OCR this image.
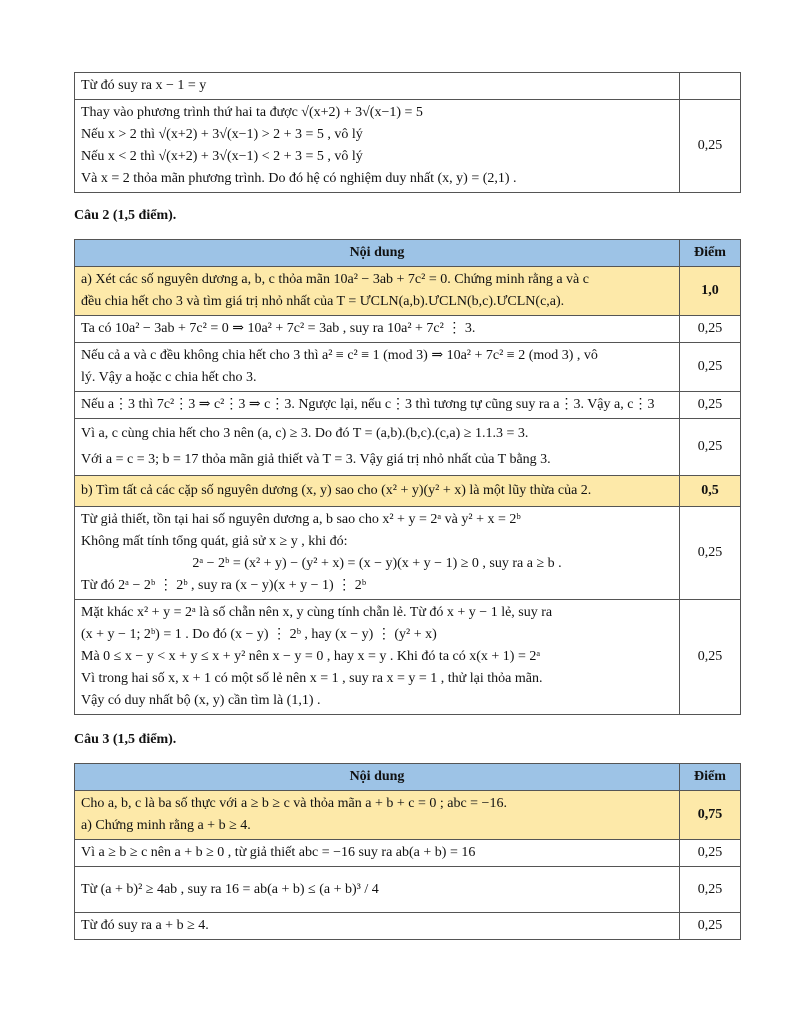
Từ đó suy ra x − 1 = y	

Thay vào phương trình thứ hai ta được √(x+2) + 3√(x−1) = 5
Nếu x > 2 thì √(x+2) + 3√(x−1) > 2 + 3 = 5 , vô lý
Nếu x < 2 thì √(x+2) + 3√(x−1) < 2 + 3 = 5 , vô lý
Và x = 2 thỏa mãn phương trình. Do đó hệ có nghiệm duy nhất (x, y) = (2,1) .	0,25
Câu 2 (1,5 điểm).
Nội dung	Điểm

a) Xét các số nguyên dương a, b, c thỏa mãn 10a² − 3ab + 7c² = 0. Chứng minh rằng a và c
đều chia hết cho 3 và tìm giá trị nhỏ nhất của T = ƯCLN(a,b).ƯCLN(b,c).ƯCLN(c,a).	1,0

Ta có 10a² − 3ab + 7c² = 0 ⇒ 10a² + 7c² = 3ab , suy ra 10a² + 7c² ⋮ 3.	0,25

Nếu cả a và c đều không chia hết cho 3 thì a² ≡ c² ≡ 1 (mod 3) ⇒ 10a² + 7c² ≡ 2 (mod 3) , vô
lý. Vậy a hoặc c chia hết cho 3.	0,25

Nếu a⋮3 thì 7c²⋮3 ⇒ c²⋮3 ⇒ c⋮3. Ngược lại, nếu c⋮3 thì tương tự cũng suy ra a⋮3. Vậy a, c⋮3	0,25

Vì a, c cùng chia hết cho 3 nên (a, c) ≥ 3. Do đó T = (a,b).(b,c).(c,a) ≥ 1.1.3 = 3.
Với a = c = 3; b = 17 thỏa mãn giả thiết và T = 3. Vậy giá trị nhỏ nhất của T bằng 3.	0,25

b) Tìm tất cả các cặp số nguyên dương (x, y) sao cho (x² + y)(y² + x) là một lũy thừa của 2.	0,5

Từ giả thiết, tồn tại hai số nguyên dương a, b sao cho x² + y = 2ᵃ và y² + x = 2ᵇ
Không mất tính tổng quát, giả sử x ≥ y , khi đó:
2ᵃ − 2ᵇ = (x² + y) − (y² + x) = (x − y)(x + y − 1) ≥ 0 , suy ra a ≥ b .
Từ đó 2ᵃ − 2ᵇ ⋮ 2ᵇ , suy ra (x − y)(x + y − 1) ⋮ 2ᵇ	0,25

Mặt khác x² + y = 2ᵃ là số chẵn nên x, y cùng tính chẵn lẻ. Từ đó x + y − 1 lẻ, suy ra
(x + y − 1; 2ᵇ) = 1 . Do đó (x − y) ⋮ 2ᵇ , hay (x − y) ⋮ (y² + x)
Mà 0 ≤ x − y < x + y ≤ x + y² nên x − y = 0 , hay x = y . Khi đó ta có x(x + 1) = 2ᵃ
Vì trong hai số x, x + 1 có một số lẻ nên x = 1 , suy ra x = y = 1 , thử lại thỏa mãn.
Vậy có duy nhất bộ (x, y) cần tìm là (1,1) .	0,25
Câu 3 (1,5 điểm).
Nội dung	Điểm

Cho a, b, c là ba số thực với a ≥ b ≥ c và thỏa mãn a + b + c = 0 ; abc = −16.
a) Chứng minh rằng a + b ≥ 4.	0,75

Vì a ≥ b ≥ c nên a + b ≥ 0 , từ giả thiết abc = −16 suy ra ab(a + b) = 16	0,25

Từ (a + b)² ≥ 4ab , suy ra 16 = ab(a + b) ≤ (a + b)³ / 4	0,25

Từ đó suy ra a + b ≥ 4.	0,25
